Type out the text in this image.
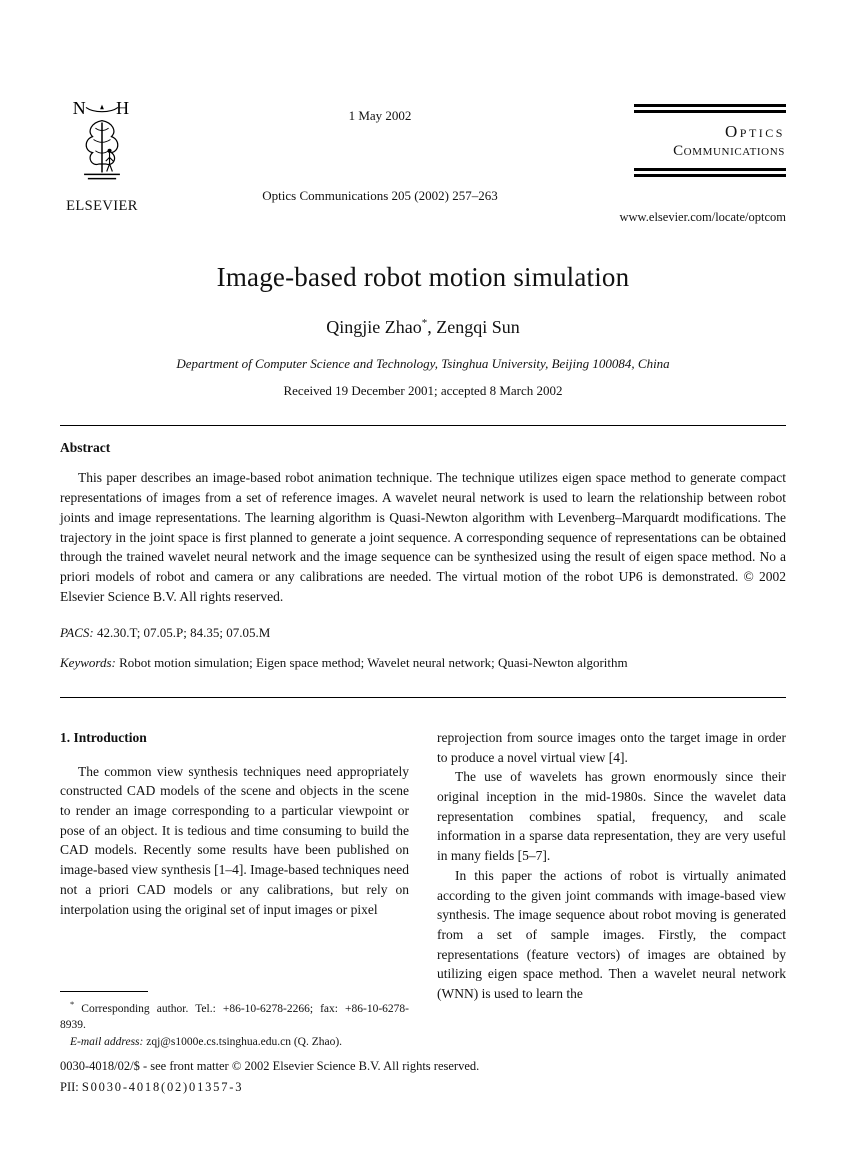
N H
ELSEVIER
1 May 2002
Optics Communications 205 (2002) 257–263
Optics
Communications
www.elsevier.com/locate/optcom
Image-based robot motion simulation
Qingjie Zhao*, Zengqi Sun
Department of Computer Science and Technology, Tsinghua University, Beijing 100084, China
Received 19 December 2001; accepted 8 March 2002
Abstract

This paper describes an image-based robot animation technique. The technique utilizes eigen space method to generate compact representations of images from a set of reference images. A wavelet neural network is used to learn the relationship between robot joints and image representations. The learning algorithm is Quasi-Newton algorithm with Levenberg–Marquardt modifications. The trajectory in the joint space is first planned to generate a joint sequence. A corresponding sequence of representations can be obtained through the trained wavelet neural network and the image sequence can be synthesized using the result of eigen space method. No a priori models of robot and camera or any calibrations are needed. The virtual motion of the robot UP6 is demonstrated. © 2002 Elsevier Science B.V. All rights reserved.

PACS: 42.30.T; 07.05.P; 84.35; 07.05.M
Keywords: Robot motion simulation; Eigen space method; Wavelet neural network; Quasi-Newton algorithm
1. Introduction

The common view synthesis techniques need appropriately constructed CAD models of the scene and objects in the scene to render an image corresponding to a particular viewpoint or pose of an object. It is tedious and time consuming to build the CAD models. Recently some results have been published on image-based view synthesis [1–4]. Image-based techniques need not a priori CAD models or any calibrations, but rely on interpolation using the original set of input images or pixel

* Corresponding author. Tel.: +86-10-6278-2266; fax: +86-10-6278-8939.

E-mail address: zqj@s1000e.cs.tsinghua.edu.cn (Q. Zhao).

reprojection from source images onto the target image in order to produce a novel virtual view [4].

The use of wavelets has grown enormously since their original inception in the mid-1980s. Since the wavelet data representation combines spatial, frequency, and scale information in a sparse data representation, they are very useful in many fields [5–7].

In this paper the actions of robot is virtually animated according to the given joint commands with image-based view synthesis. The image sequence about robot moving is generated from a set of sample images. Firstly, the compact representations (feature vectors) of images are obtained by utilizing eigen space method. Then a wavelet neural network (WNN) is used to learn the

0030-4018/02/$ - see front matter © 2002 Elsevier Science B.V. All rights reserved.
PII: S0030-4018(02)01357-3
